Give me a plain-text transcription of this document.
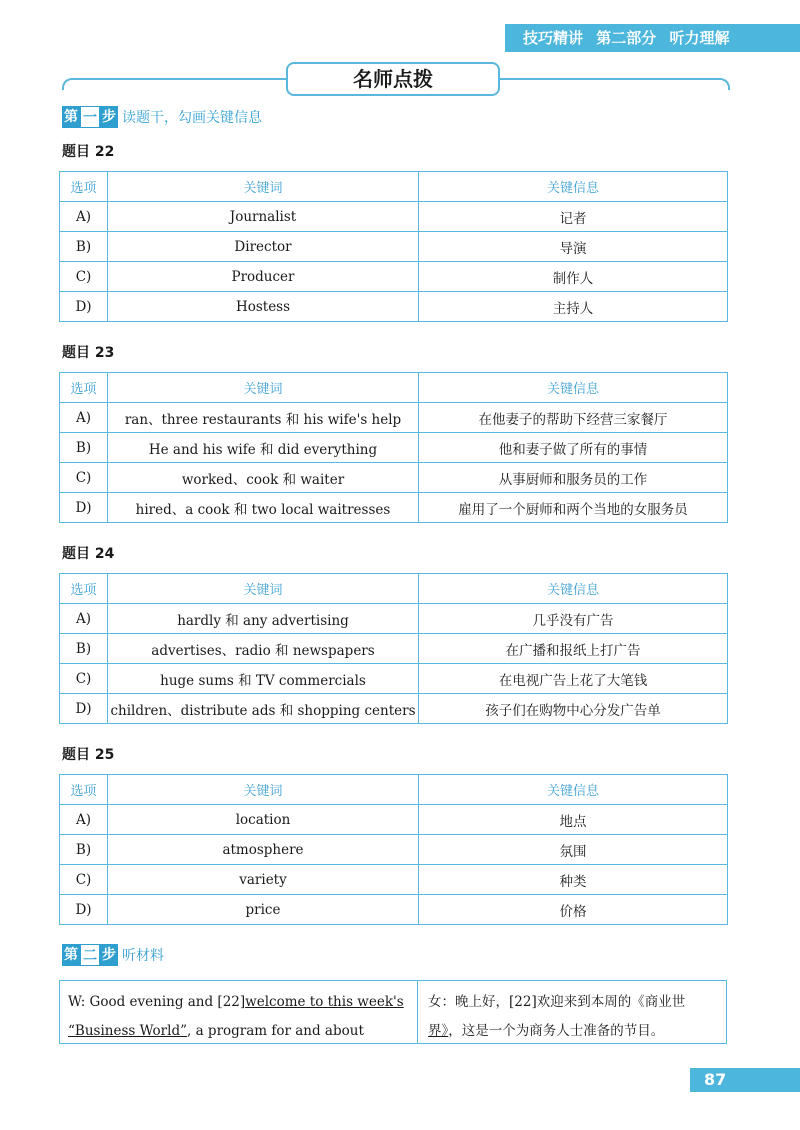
技巧精讲 第二部分 听力理解
名师点拨
第 一 步 读题干，勾画关键信息
题目 22
选项	关键词	关键信息
A)	Journalist	记者
B)	Director	导演
C)	Producer	制作人
D)	Hostess	主持人
题目 23
选项	关键词	关键信息
A)	ran、three restaurants 和 his wife's help	在他妻子的帮助下经营三家餐厅
B)	He and his wife 和 did everything	他和妻子做了所有的事情
C)	worked、cook 和 waiter	从事厨师和服务员的工作
D)	hired、a cook 和 two local waitresses	雇用了一个厨师和两个当地的女服务员
题目 24
选项	关键词	关键信息
A)	hardly 和 any advertising	几乎没有广告
B)	advertises、radio 和 newspapers	在广播和报纸上打广告
C)	huge sums 和 TV commercials	在电视广告上花了大笔钱
D)	children、distribute ads 和 shopping centers	孩子们在购物中心分发广告单
题目 25
选项	关键词	关键信息
A)	location	地点
B)	atmosphere	氛围
C)	variety	种类
D)	price	价格
第 二 步 听材料
W: Good evening and [22]welcome to this week's
“Business World”, a program for and about
女：晚上好，[22]欢迎来到本周的《商业世
界》，这是一个为商务人士准备的节目。
87
